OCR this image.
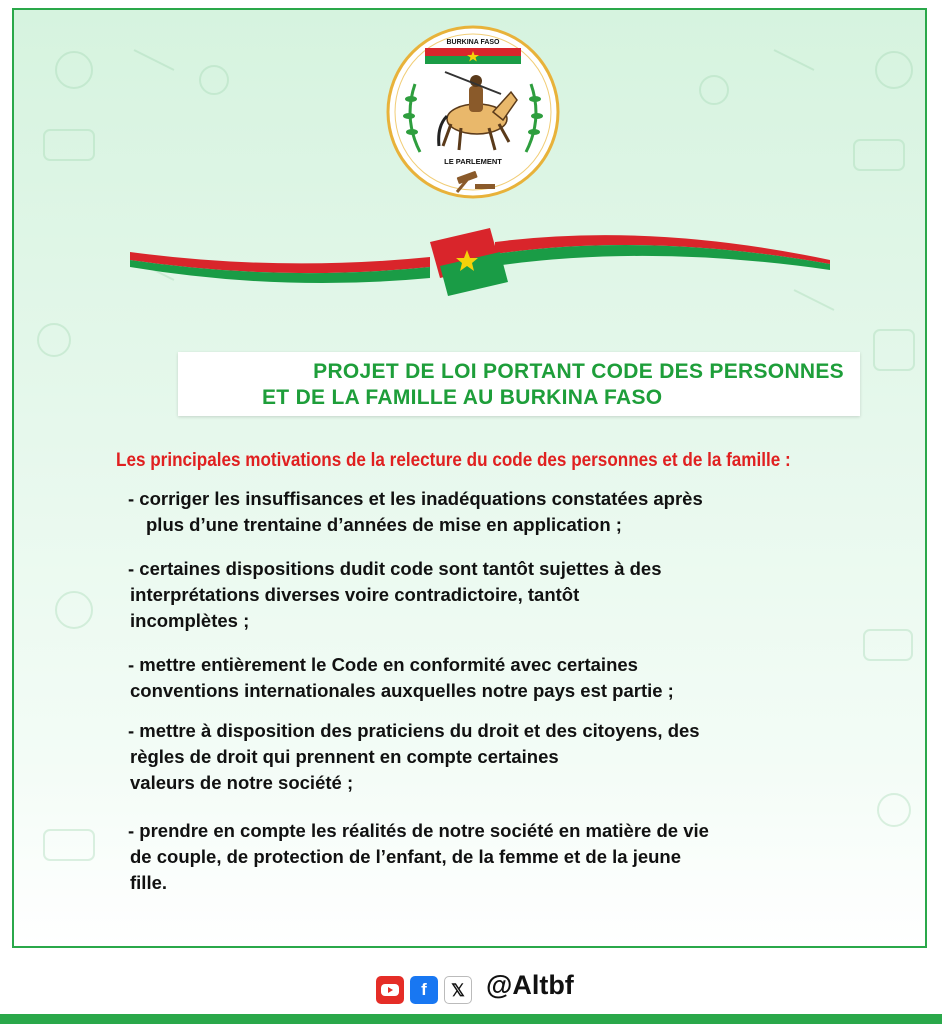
BURKINA FASO
LE PARLEMENT
PROJET DE LOI PORTANT CODE DES PERSONNES
ET DE LA FAMILLE AU BURKINA FASO
Les principales motivations de la relecture du code des personnes et de la famille :
- corriger les insuffisances et les inadéquations constatées après
plus d’une trentaine d’années de mise en application ;
- certaines dispositions dudit code sont tantôt sujettes à des
interprétations diverses voire contradictoire, tantôt
incomplètes ;
- mettre entièrement le Code en conformité avec certaines
conventions internationales auxquelles notre pays est partie ;
- mettre à disposition des praticiens du droit et des citoyens, des
règles de droit qui prennent en compte certaines
valeurs de notre société ;
- prendre en compte les réalités de notre société en matière de vie
de couple, de protection de l’enfant, de la femme et de la jeune
fille.
f	𝕏 @Altbf
